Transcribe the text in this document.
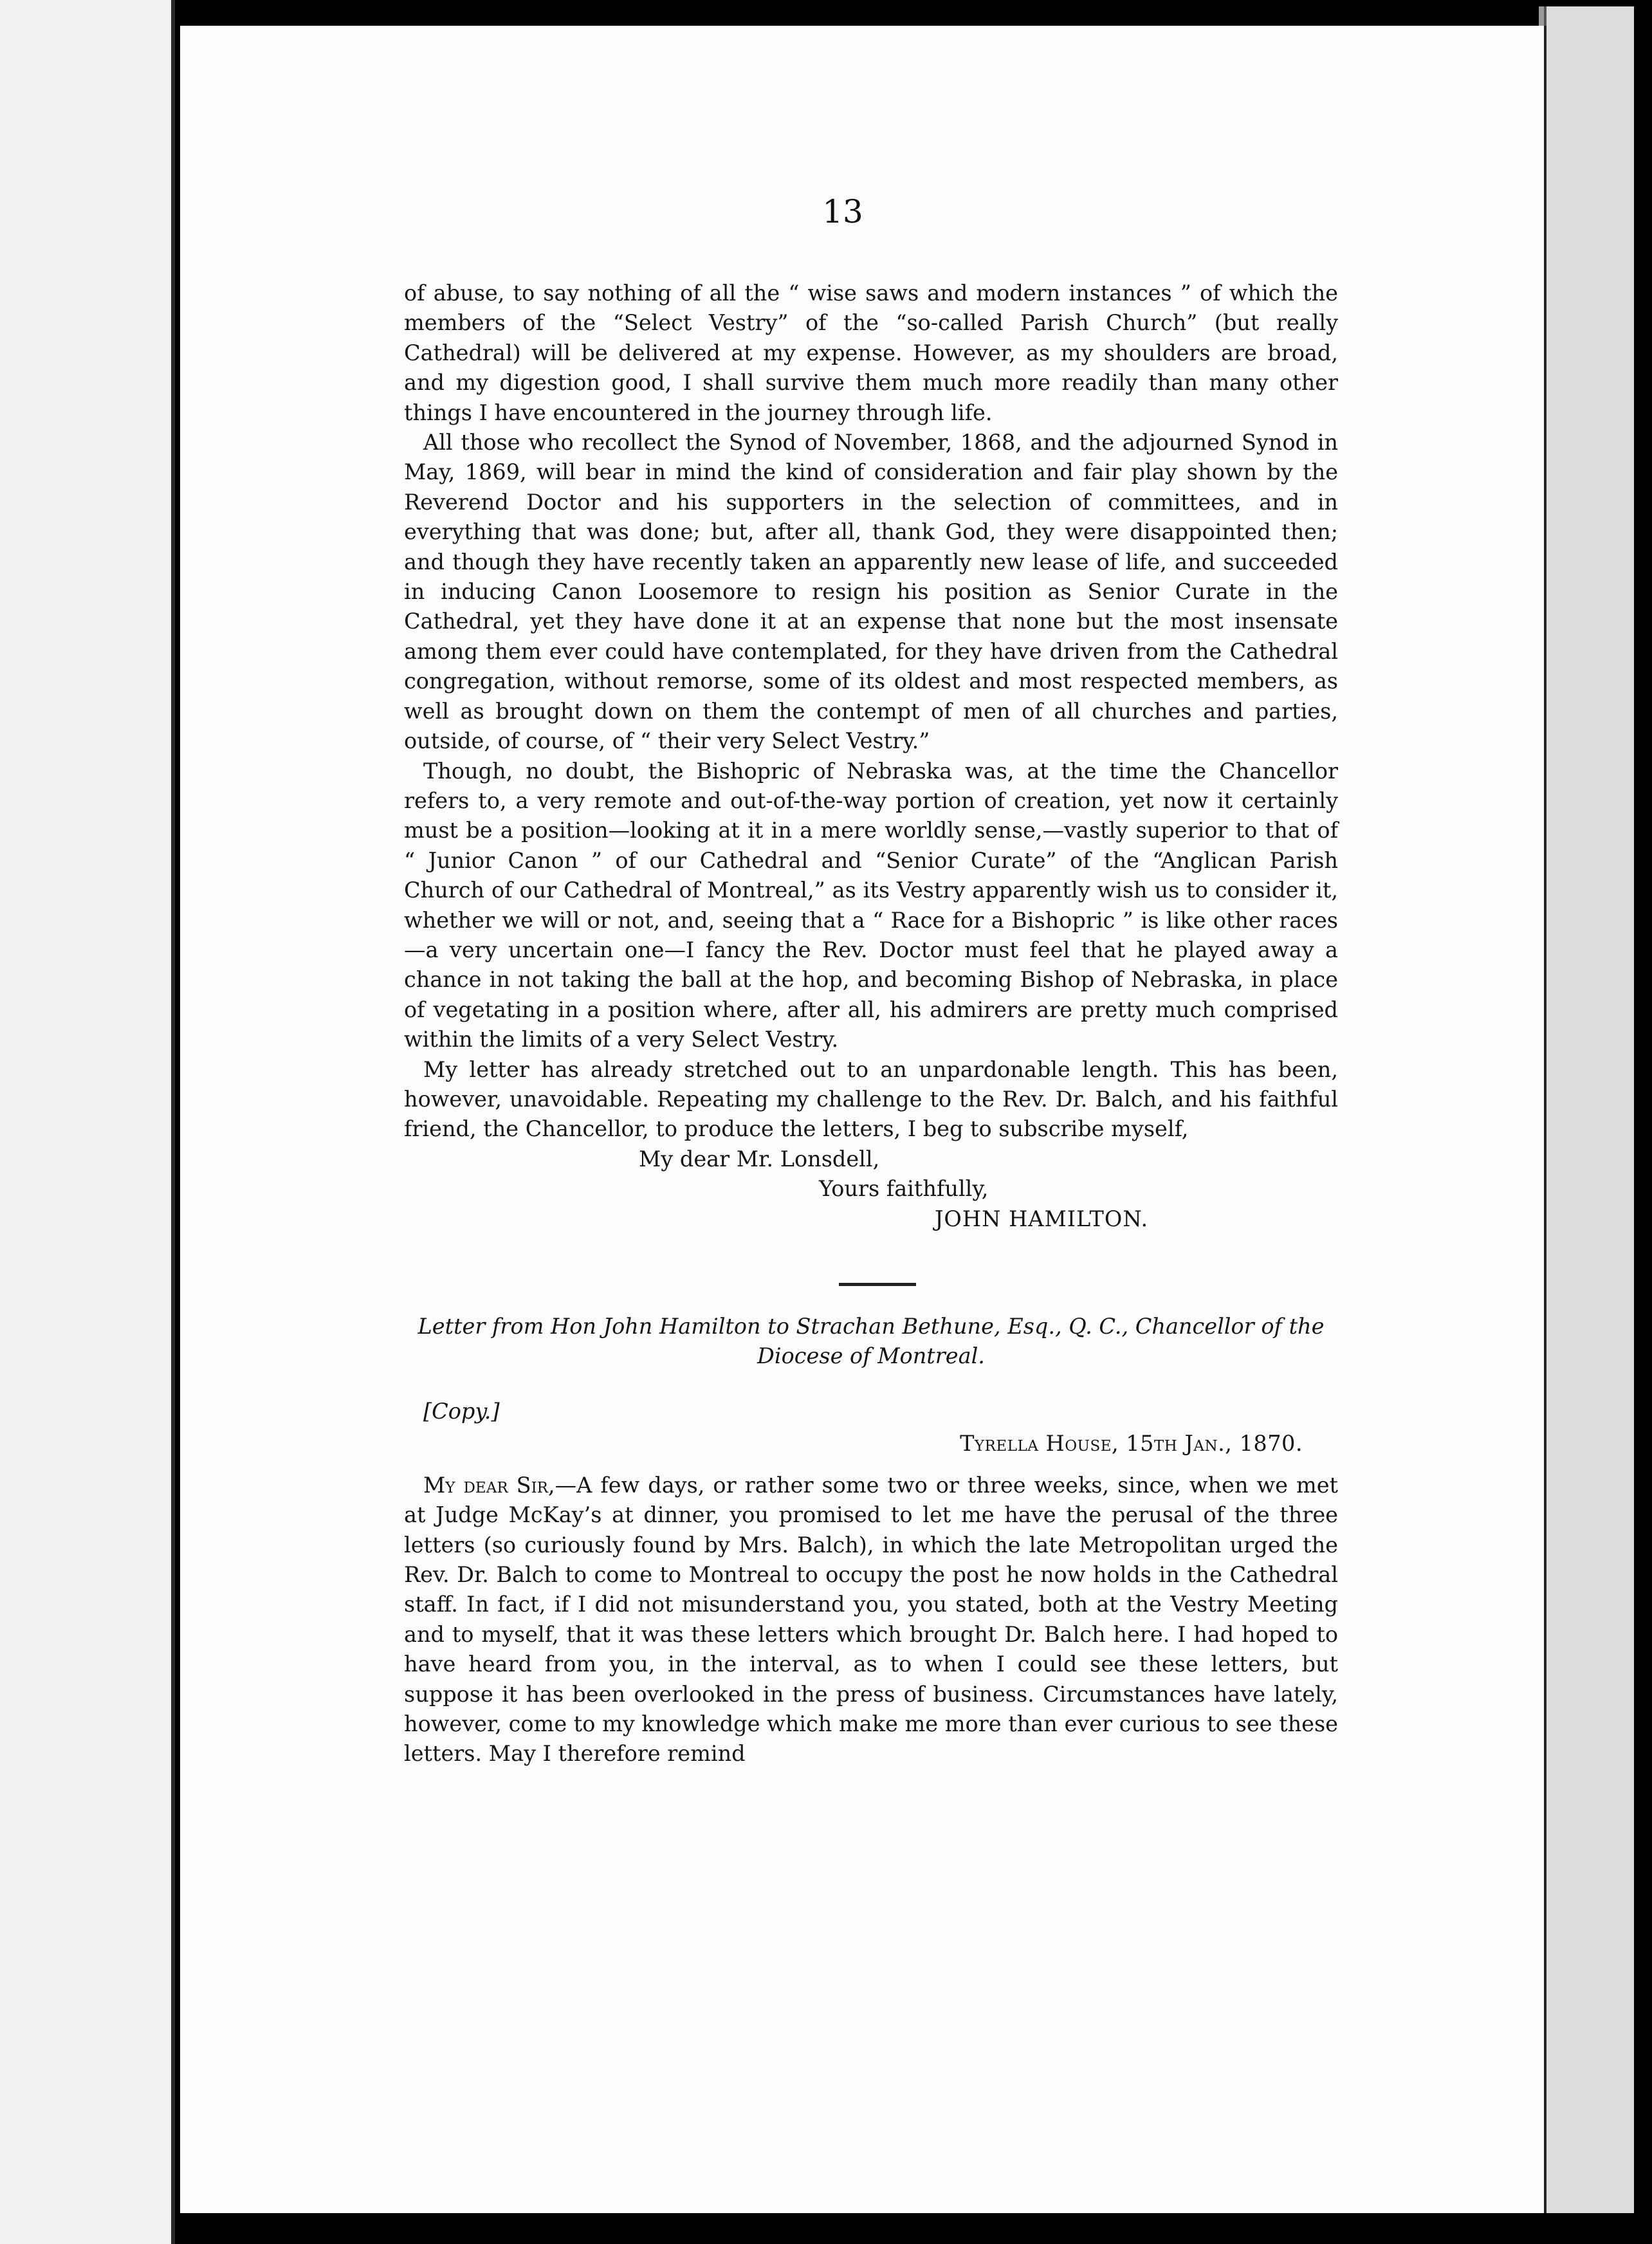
13

of abuse, to say nothing of all the “ wise saws and modern instances ” of which the members of the “Select Vestry” of the “so-called Parish Church” (but really Cathedral) will be delivered at my expense. However, as my shoulders are broad, and my digestion good, I shall survive them much more readily than many other things I have encountered in the journey through life.

All those who recollect the Synod of November, 1868, and the adjourned Synod in May, 1869, will bear in mind the kind of consideration and fair play shown by the Reverend Doctor and his supporters in the selection of committees, and in everything that was done; but, after all, thank God, they were disappointed then; and though they have recently taken an apparently new lease of life, and succeeded in inducing Canon Loosemore to resign his position as Senior Curate in the Cathedral, yet they have done it at an expense that none but the most insensate among them ever could have contemplated, for they have driven from the Cathedral congregation, without remorse, some of its oldest and most respected members, as well as brought down on them the contempt of men of all churches and parties, outside, of course, of “ their very Select Vestry.”

Though, no doubt, the Bishopric of Nebraska was, at the time the Chancellor refers to, a very remote and out-of-the-way portion of creation, yet now it certainly must be a position—looking at it in a mere worldly sense,—vastly superior to that of “ Junior Canon ” of our Cathedral and “Senior Curate” of the “Anglican Parish Church of our Cathedral of Montreal,” as its Vestry apparently wish us to consider it, whether we will or not, and, seeing that a “ Race for a Bishopric ” is like other races—a very uncertain one—I fancy the Rev. Doctor must feel that he played away a chance in not taking the ball at the hop, and becoming Bishop of Nebraska, in place of vegetating in a position where, after all, his admirers are pretty much comprised within the limits of a very Select Vestry.

My letter has already stretched out to an unpardonable length. This has been, however, unavoidable. Repeating my challenge to the Rev. Dr. Balch, and his faithful friend, the Chancellor, to produce the letters, I beg to subscribe myself,

My dear Mr. Lonsdell,
Yours faithfully,
JOHN HAMILTON.
Letter from Hon John Hamilton to Strachan Bethune, Esq., Q. C., Chancellor of the Diocese of Montreal.
[Copy.]
Tyrella House, 15th Jan., 1870.

My dear Sir,—A few days, or rather some two or three weeks, since, when we met at Judge McKay’s at dinner, you promised to let me have the perusal of the three letters (so curiously found by Mrs. Balch), in which the late Metropolitan urged the Rev. Dr. Balch to come to Montreal to occupy the post he now holds in the Cathedral staff. In fact, if I did not misunderstand you, you stated, both at the Vestry Meeting and to myself, that it was these letters which brought Dr. Balch here. I had hoped to have heard from you, in the interval, as to when I could see these letters, but suppose it has been overlooked in the press of business. Circumstances have lately, however, come to my knowledge which make me more than ever curious to see these letters. May I therefore remind
